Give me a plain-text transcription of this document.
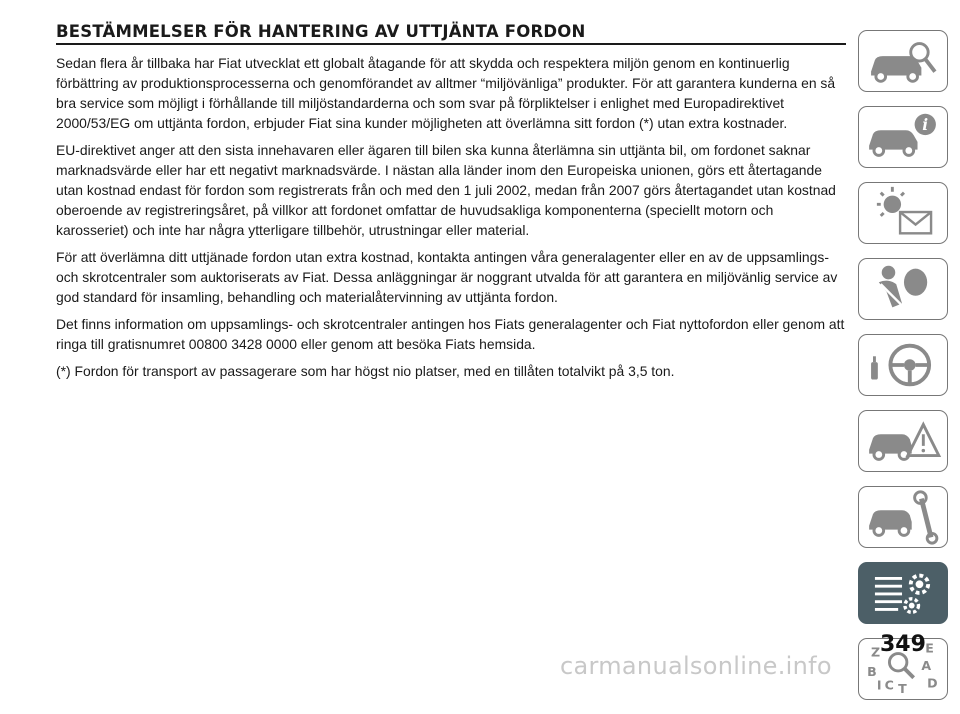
BESTÄMMELSER FÖR HANTERING AV UTTJÄNTA FORDON

Sedan flera år tillbaka har Fiat utvecklat ett globalt åtagande för att skydda och respektera miljön genom en kontinuerlig förbättring av produktionsprocesserna och genomförandet av alltmer “miljövänliga” produkter. För att garantera kunderna en så bra service som möjligt i förhållande till miljöstandarderna och som svar på förpliktelser i enlighet med Europadirektivet 2000/53/EG om uttjänta fordon, erbjuder Fiat sina kunder möjligheten att överlämna sitt fordon (*) utan extra kostnader.

EU-direktivet anger att den sista innehavaren eller ägaren till bilen ska kunna återlämna sin uttjänta bil, om fordonet saknar marknadsvärde eller har ett negativt marknadsvärde. I nästan alla länder inom den Europeiska unionen, görs ett återtagande utan kostnad endast för fordon som registrerats från och med den 1 juli 2002, medan från 2007 görs återtagandet utan kostnad oberoende av registreringsåret, på villkor att fordonet omfattar de huvudsakliga komponenterna (speciellt motorn och karosseriet) och inte har några ytterligare tillbehör, utrustningar eller material.

För att överlämna ditt uttjänade fordon utan extra kostnad, kontakta antingen våra generalagenter eller en av de uppsamlings- och skrotcentraler som auktoriserats av Fiat. Dessa anläggningar är noggrant utvalda för att garantera en miljövänlig service av god standard för insamling, behandling och materialåtervinning av uttjänta fordon.

Det finns information om uppsamlings- och skrotcentraler antingen hos Fiats generalagenter och Fiat nyttofordon eller genom att ringa till gratisnumret 00800 3428 0000 eller genom att besöka Fiats hemsida.

(*) Fordon för transport av passagerare som har högst nio platser, med en tillåten totalvikt på 3,5 ton.

i
Z	E
A
B
C T D
I
349
carmanualsonline.info
